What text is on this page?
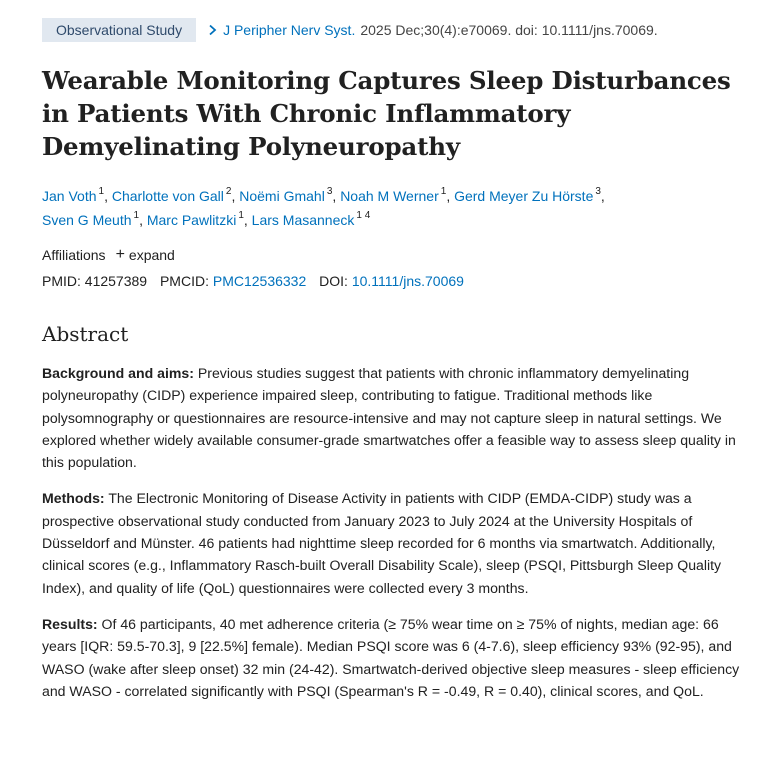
Observational Study	J Peripher Nerv Syst. 2025 Dec;30(4):e70069. doi: 10.1111/jns.70069.
Wearable Monitoring Captures Sleep Disturbances in Patients With Chronic Inflammatory Demyelinating Polyneuropathy
Jan Voth $^1$, Charlotte von Gall $^2$, Noëmi Gmahl $^3$, Noah M Werner $^1$, Gerd Meyer Zu Hörste $^3$,
Sven G Meuth $^1$, Marc Pawlitzki $^1$, Lars Masanneck $^{1 4}$
Affiliations + expand
PMID: 41257389 PMCID: PMC12536332 DOI: 10.1111/jns.70069
Abstract

Background and aims: Previous studies suggest that patients with chronic inflammatory demyelinating polyneuropathy (CIDP) experience impaired sleep, contributing to fatigue. Traditional methods like polysomnography or questionnaires are resource-intensive and may not capture sleep in natural settings. We explored whether widely available consumer-grade smartwatches offer a feasible way to assess sleep quality in this population.

Methods: The Electronic Monitoring of Disease Activity in patients with CIDP (EMDA-CIDP) study was a prospective observational study conducted from January 2023 to July 2024 at the University Hospitals of Düsseldorf and Münster. 46 patients had nighttime sleep recorded for 6 months via smartwatch. Additionally, clinical scores (e.g., Inflammatory Rasch-built Overall Disability Scale), sleep (PSQI, Pittsburgh Sleep Quality Index), and quality of life (QoL) questionnaires were collected every 3 months.

Results: Of 46 participants, 40 met adherence criteria (≥ 75% wear time on ≥ 75% of nights, median age: 66 years [IQR: 59.5-70.3], 9 [22.5%] female). Median PSQI score was 6 (4-7.6), sleep efficiency 93% (92-95), and WASO (wake after sleep onset) 32 min (24-42). Smartwatch-derived objective sleep measures - sleep efficiency and WASO - correlated significantly with PSQI (Spearman's R = -0.49, R = 0.40), clinical scores, and QoL.
